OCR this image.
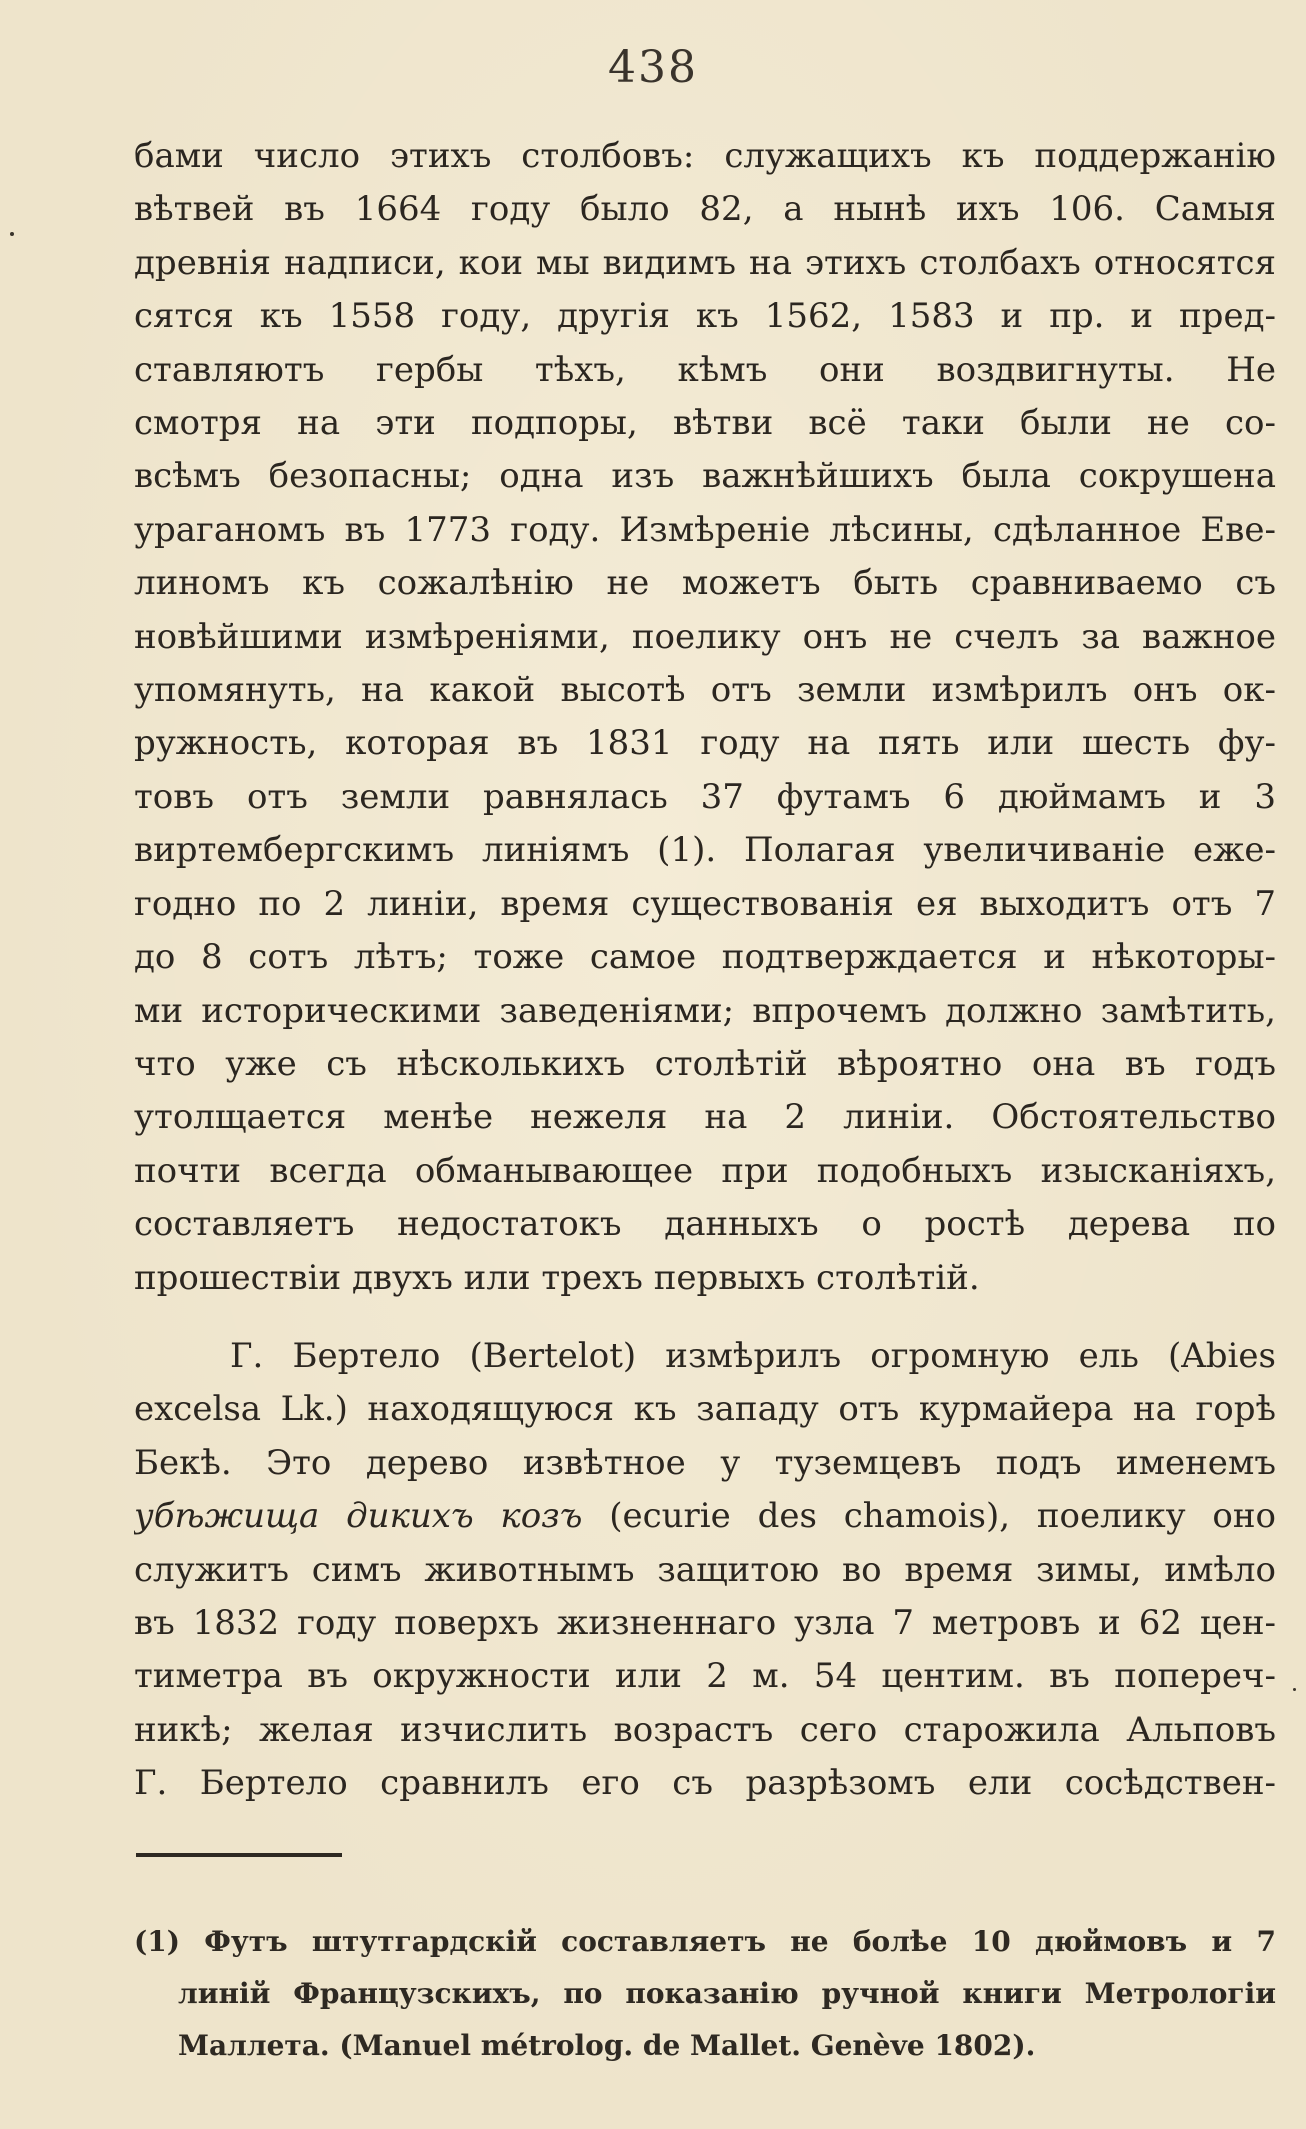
438
бами число этихъ столбовъ: служащихъ къ поддержанію
вѣтвей въ 1664 году было 82, а нынѣ ихъ 106. Самыя
древнія надписи, кои мы видимъ на этихъ столбахъ относятся
сятся къ 1558 году, другія къ 1562, 1583 и пр. и пред-
ставляютъ гербы тѣхъ, кѣмъ они воздвигнуты. Не
смотря на эти подпоры, вѣтви всё таки были не со-
всѣмъ безопасны; одна изъ важнѣйшихъ была сокрушена
ураганомъ въ 1773 году. Измѣреніе лѣсины, сдѣланное Еве-
линомъ къ сожалѣнію не можетъ быть сравниваемо съ
новѣйшими измѣреніями, поелику онъ не счелъ за важное
упомянуть, на какой высотѣ отъ земли измѣрилъ онъ ок-
ружность, которая въ 1831 году на пять или шесть фу-
товъ отъ земли равнялась 37 футамъ 6 дюймамъ и 3
виртембергскимъ линіямъ (1). Полагая увеличиваніе еже-
годно по 2 линіи, время существованія ея выходитъ отъ 7
до 8 сотъ лѣтъ; тоже самое подтверждается и нѣкоторы-
ми историческими заведеніями; впрочемъ должно замѣтить,
что уже съ нѣсколькихъ столѣтій вѣроятно она въ годъ
утолщается менѣе нежеля на 2 линіи. Обстоятельство
почти всегда обманывающее при подобныхъ изысканіяхъ,
составляетъ недостатокъ данныхъ о ростѣ дерева по
прошествіи двухъ или трехъ первыхъ столѣтій.
Г. Бертело (Bertelot) измѣрилъ огромную ель (Abies
excelsa Lk.) находящуюся къ западу отъ курмайера на горѣ
Бекѣ. Это дерево извѣтное у туземцевъ подъ именемъ
убѣжища дикихъ козъ (ecurie des chamois), поелику оно
служитъ симъ животнымъ защитою во время зимы, имѣло
въ 1832 году поверхъ жизненнаго узла 7 метровъ и 62 цен-
тиметра въ окружности или 2 м. 54 центим. въ попереч-
никѣ; желая изчислить возрастъ сего старожила Альповъ
Г. Бертело сравнилъ его съ разрѣзомъ ели сосѣдствен-
(1) Футъ штутгардскій составляетъ не болѣе 10 дюймовъ и 7
линій Французскихъ, по показанію ручной книги Метрологіи
Маллета. (Manuel métrolog. de Mallet. Genève 1802).
